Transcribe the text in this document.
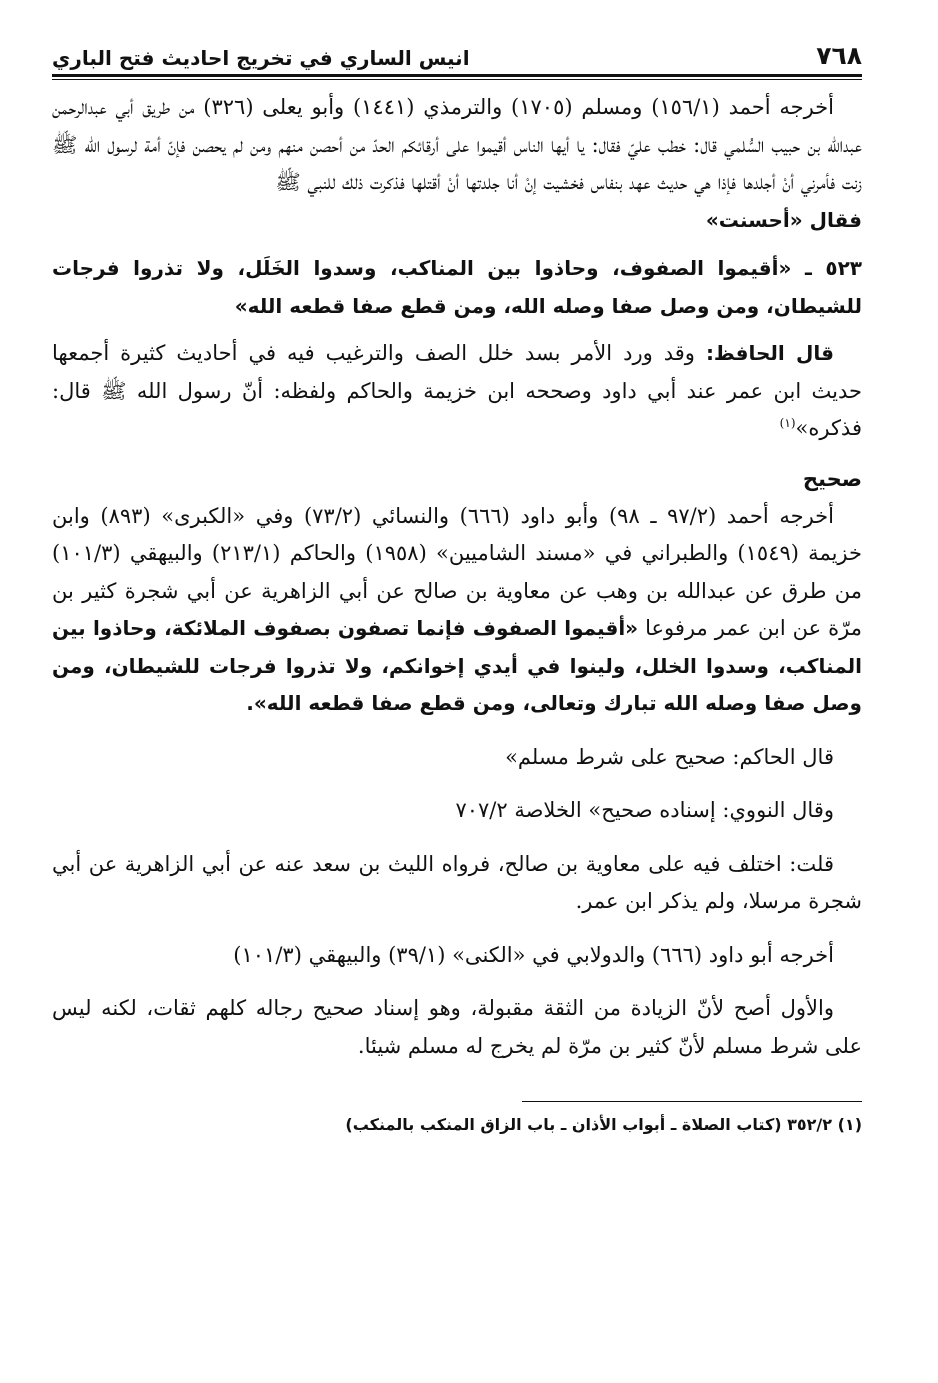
٧٦٨
انيس الساري في تخريج احاديث فتح الباري

أخرجه أحمد (١٥٦/١) ومسلم (١٧٠٥) والترمذي (١٤٤١) وأبو يعلى (٣٢٦) من طريق أبي عبدالرحمن عبدالله بن حبيب السُّلمي قال: خطب عليّ فقال: يا أيها الناس أقيموا على أرقائكم الحدّ من أحصن منهم ومن لم يحصن فإنّ أمة لرسول الله ﷺ زنت فأمرني أنْ أجلدها فإذا هي حديث عهد بنفاس فخشيت إنْ أنا جلدتها أنْ أقتلها فذكرت ذلك للنبي ﷺ
فقال «أحسنت»

٥٢٣ ـ «أقيموا الصفوف، وحاذوا بين المناكب، وسدوا الخَلَل، ولا تذروا فرجات للشيطان، ومن وصل صفا وصله الله، ومن قطع صفا قطعه الله»

قال الحافظ: وقد ورد الأمر بسد خلل الصف والترغيب فيه في أحاديث كثيرة أجمعها حديث ابن عمر عند أبي داود وصححه ابن خزيمة والحاكم ولفظه: أنّ رسول الله ﷺ قال: فذكره»$^{(١)}$

صحيح

أخرجه أحمد (٩٧/٢ ـ ٩٨) وأبو داود (٦٦٦) والنسائي (٧٣/٢) وفي «الكبرى» (٨٩٣) وابن خزيمة (١٥٤٩) والطبراني في «مسند الشاميين» (١٩٥٨) والحاكم (٢١٣/١) والبيهقي (١٠١/٣) من طرق عن عبدالله بن وهب عن معاوية بن صالح عن أبي الزاهرية عن أبي شجرة كثير بن مرّة عن ابن عمر مرفوعا «أقيموا الصفوف فإنما تصفون بصفوف الملائكة، وحاذوا بين المناكب، وسدوا الخلل، ولينوا في أيدي إخوانكم، ولا تذروا فرجات للشيطان، ومن وصل صفا وصله الله تبارك وتعالى، ومن قطع صفا قطعه الله».

قال الحاكم: صحيح على شرط مسلم»

وقال النووي: إسناده صحيح» الخلاصة ٧٠٧/٢

قلت: اختلف فيه على معاوية بن صالح، فرواه الليث بن سعد عنه عن أبي الزاهرية عن أبي شجرة مرسلا، ولم يذكر ابن عمر.

أخرجه أبو داود (٦٦٦) والدولابي في «الكنى» (٣٩/١) والبيهقي (١٠١/٣)

والأول أصح لأنّ الزيادة من الثقة مقبولة، وهو إسناد صحيح رجاله كلهم ثقات، لكنه ليس على شرط مسلم لأنّ كثير بن مرّة لم يخرج له مسلم شيئا.

(١) ٣٥٢/٢ (كتاب الصلاة ـ أبواب الأذان ـ باب الزاق المنكب بالمنكب)
